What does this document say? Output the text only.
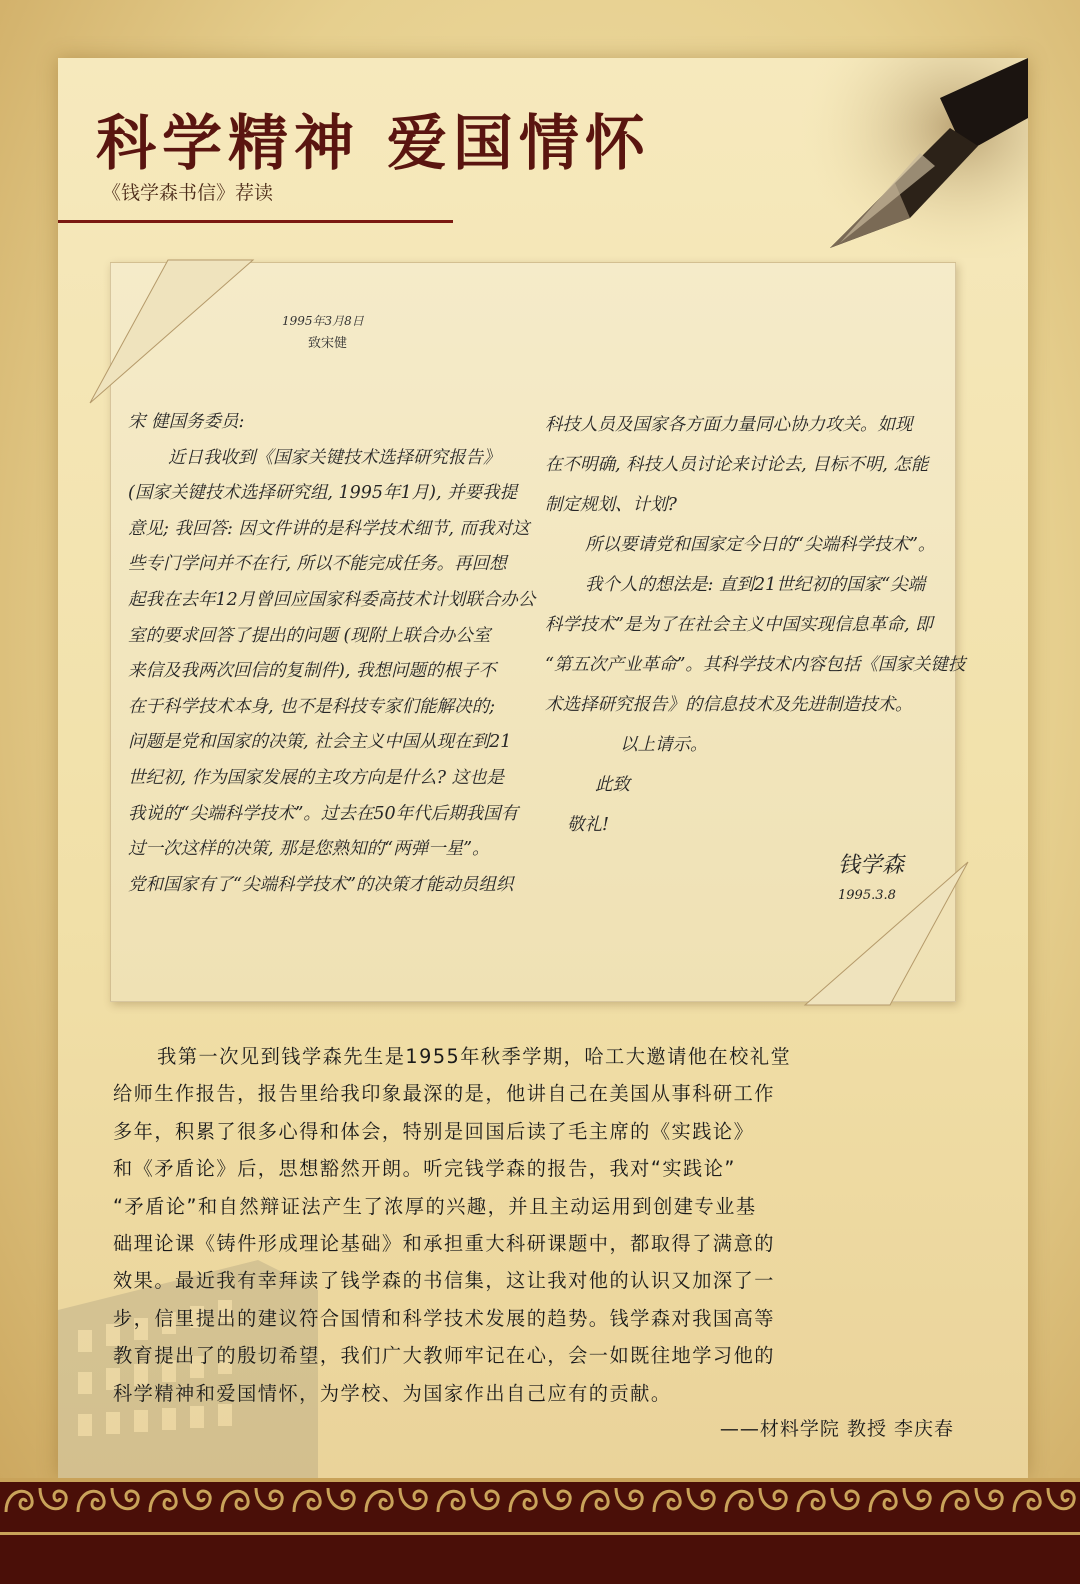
科学精神 爱国情怀
《钱学森书信》荐读
1995年3月8日
致宋健
宋 健国务委员:
近日我收到《国家关键技术选择研究报告》
(国家关键技术选择研究组, 1995年1月), 并要我提
意见; 我回答: 因文件讲的是科学技术细节, 而我对这
些专门学问并不在行, 所以不能完成任务。再回想
起我在去年12月曾回应国家科委高技术计划联合办公
室的要求回答了提出的问题 (现附上联合办公室
来信及我两次回信的复制件), 我想问题的根子不
在于科学技术本身, 也不是科技专家们能解决的;
问题是党和国家的决策, 社会主义中国从现在到21
世纪初, 作为国家发展的主攻方向是什么? 这也是
我说的“尖端科学技术”。过去在50年代后期我国有
过一次这样的决策, 那是您熟知的“两弹一星”。
党和国家有了“尖端科学技术”的决策才能动员组织
科技人员及国家各方面力量同心协力攻关。如现
在不明确, 科技人员讨论来讨论去, 目标不明, 怎能
制定规划、计划?
所以要请党和国家定今日的“尖端科学技术”。
我个人的想法是: 直到21世纪初的国家“尖端
科学技术”是为了在社会主义中国实现信息革命, 即
“第五次产业革命”。其科学技术内容包括《国家关键技
术选择研究报告》的信息技术及先进制造技术。
以上请示。
此致
敬礼!
钱学森
1995.3.8
我第一次见到钱学森先生是1955年秋季学期，哈工大邀请他在校礼堂
给师生作报告，报告里给我印象最深的是，他讲自己在美国从事科研工作
多年，积累了很多心得和体会，特别是回国后读了毛主席的《实践论》
和《矛盾论》后，思想豁然开朗。听完钱学森的报告，我对“实践论”
“矛盾论”和自然辩证法产生了浓厚的兴趣，并且主动运用到创建专业基
础理论课《铸件形成理论基础》和承担重大科研课题中，都取得了满意的
效果。最近我有幸拜读了钱学森的书信集，这让我对他的认识又加深了一
步，信里提出的建议符合国情和科学技术发展的趋势。钱学森对我国高等
教育提出了的殷切希望，我们广大教师牢记在心，会一如既往地学习他的
科学精神和爱国情怀，为学校、为国家作出自己应有的贡献。
——材料学院 教授 李庆春
